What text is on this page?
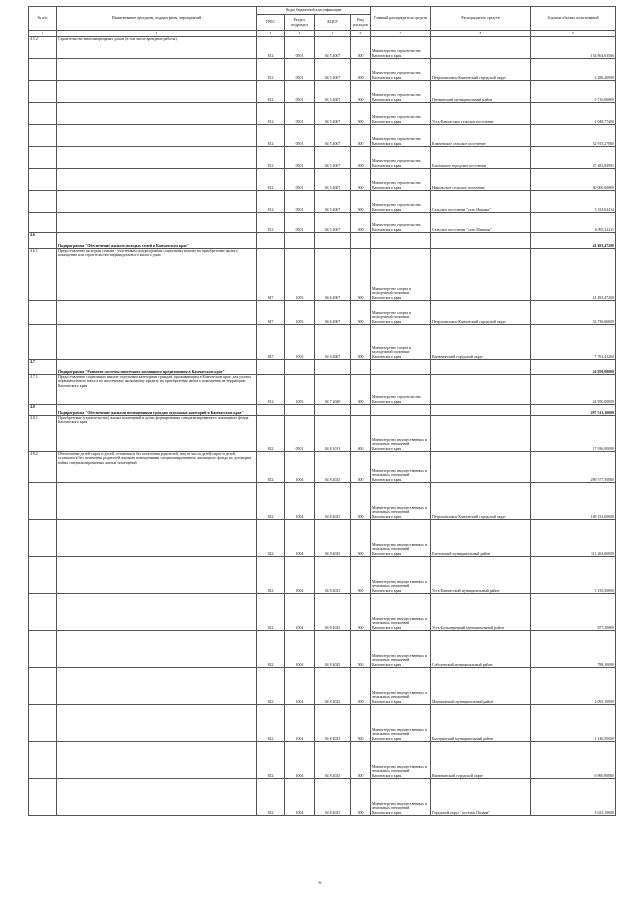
№ п/п	Наименование программ, подпрограмм, мероприятий	Коды бюджетной классификации				Главный распорядитель средств	Распорядитель средств	Годовые объемы ассигнований
		ГРБС	Раздел, подраздел	КЦСР	Вид расходов			
1	2	3	4	5	6	7	8	9
4.5.2	Строительство многоквартирных домов (в том числе арендные работы)	812	0501	04 5 4007	500	Министерство строительства Камчатского края		134 864,63566
		812	0501	04 5 4007	500	Министерство строительства Камчатского края	Петропавловск-Камчатский городской округ	2 286,26900
		812	0501	04 5 4007	500	Министерство строительства Камчатского края	Пенжинский муниципальный район	5 710,00000
		812	0501	04 5 4007	500	Министерство строительства Камчатского края	Усть-Камчатское сельское поселение	2 048,77400
		812	0501	04 5 4007	500	Министерство строительства Камчатского края	Ключевское сельское поселение	32 915,27000
		812	0501	04 5 4007	500	Министерство строительства Камчатского края	Елизовское городское поселение	47 483,84991
		812	0501	04 5 4007	500	Министерство строительства Камчатского края	Никольское сельское поселение	40 000,00000
		812	0501	04 5 4007	500	Министерство строительства Камчатского края	Сельское поселение "село Ивашка"	3 333,63414
		812	0501	04 5 4007	500	Министерство строительства Камчатского края	Сельское поселение "село Манилы"	6 093,32211
4.6	Подпрограмма "Обеспечение жильем молодых семей в Камчатском крае"							41 493,47200
4.6.1	Предоставление молодым семьям - участникам подпрограммы социальных выплат на приобретение жилого помещения или строительство индивидуального жилого дома	847	1003	04 6 4007	500	Министерство спорта и молодежной политики Камчатского края		41 493,47200
		847	1003	04 6 4007	500	Министерство спорта и молодежной политики Камчатского края	Петропавловск-Камчатский городской округ	33 730,06000
		847	1003	04 6 4007	500	Министерство спорта и молодежной политики Камчатского края	Вилючинский городской округ	7 763,41200
4.7	Подпрограмма "Развитие системы ипотечного жилищного кредитования в Камчатском крае"							24 950,00000
4.7.1	Предоставление социальных выплат отдельным категориям граждан, проживающим в Камчатском крае, для уплаты первоначального взноса по ипотечному жилищному кредиту на приобретение жилого помещения на территории Камчатского края	812	1003	04 7 2040	300	Министерство строительства Камчатского края		24 950,00000
4.8	Подпрограмма "Обеспечение жилыми помещениями граждан отдельных категорий в Камчатском крае"							297 513,10000
4.8.1	Приобретение (строительство) жилых помещений в целях формирования специализированного жилищного фонда Камчатского края	822	0501	04 8 1013	400	Министерство имущественных и земельных отношений Камчатского края		17 936,00000
4.8.2	Обеспечение детей-сирот и детей, оставшихся без попечения родителей, лиц из числа детей-сирот и детей, оставшихся без попечения родителей жилыми помещениями специализированного жилищного фонда по договорам найма специализированных жилых помещений	822	1004	04 8 4025	500	Министерство имущественных и земельных отношений Камчатского края		289 577,10000
		822	1004	04 8 4025	500	Министерство имущественных и земельных отношений Камчатского края	Петропавловск-Камчатский городской округ	148 152,00000
		822	1004	04 8 4025	500	Министерство имущественных и земельных отношений Камчатского края	Елизовский муниципальный район	111 263,00000
		822	1004	04 8 4025	500	Министерство имущественных и земельных отношений Камчатского края	Усть-Камчатский муниципальный район	3 150,50000
		822	1004	04 8 4025	500	Министерство имущественных и земельных отношений Камчатского края	Усть-Большерецкий муниципальный район	877,30000
		822	1004	04 8 4025	500	Министерство имущественных и земельных отношений Камчатского края	Соболевский муниципальный район	788,10000
		822	1004	04 8 4025	500	Министерство имущественных и земельных отношений Камчатского края	Мильковский муниципальный район	2 095,10000
		822	1004	04 8 4025	500	Министерство имущественных и земельных отношений Камчатского края	Быстринский муниципальный район	1 146,50000
		822	1004	04 8 4025	500	Министерство имущественных и земельных отношений Камчатского края	Вилючинский городской округ	6 960,80000
		822	1004	04 8 4025	500	Министерство имущественных и земельных отношений Камчатского края	Городской округ "поселок Палана"	3 623,10000
-6-
